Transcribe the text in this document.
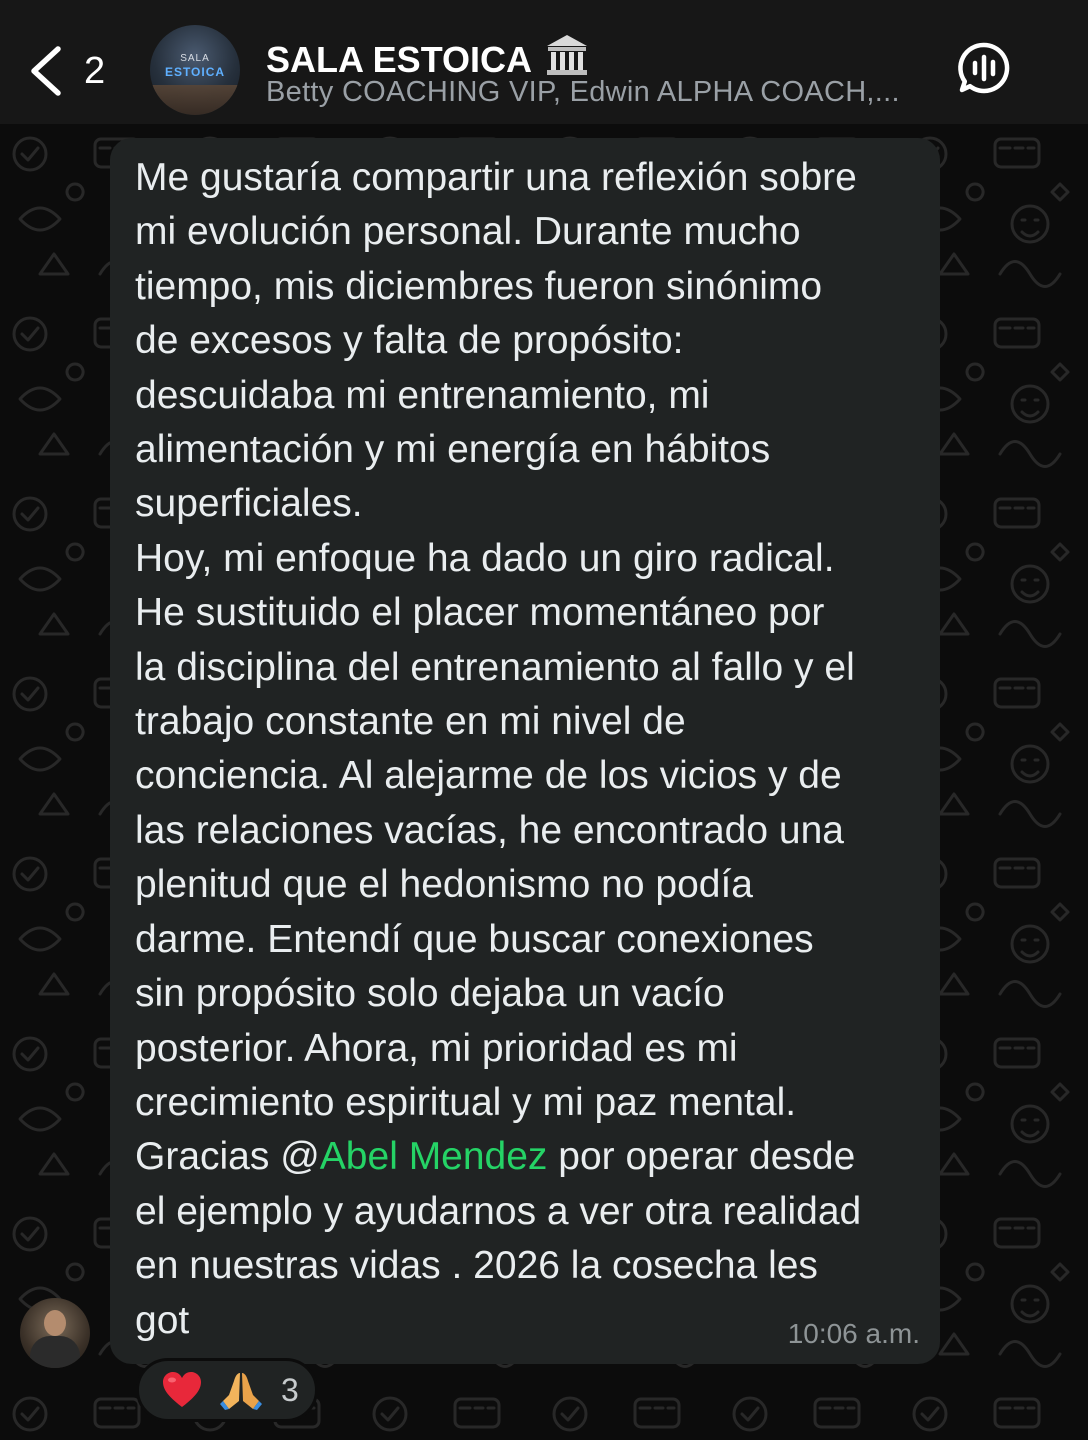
2	SALA
ESTOICA	SALA ESTOICA
Betty COACHING VIP, Edwin ALPHA COACH,...
Me gustaría compartir una reflexión sobre
mi evolución personal. Durante mucho
tiempo, mis diciembres fueron sinónimo
de excesos y falta de propósito:
descuidaba mi entrenamiento, mi
alimentación y mi energía en hábitos
superficiales.
Hoy, mi enfoque ha dado un giro radical.
He sustituido el placer momentáneo por
la disciplina del entrenamiento al fallo y el
trabajo constante en mi nivel de
conciencia. Al alejarme de los vicios y de
las relaciones vacías, he encontrado una
plenitud que el hedonismo no podía
darme. Entendí que buscar conexiones
sin propósito solo dejaba un vacío
posterior. Ahora, mi prioridad es mi
crecimiento espiritual y mi paz mental.
Gracias @Abel Mendez por operar desde
el ejemplo y ayudarnos a ver otra realidad
en nuestras vidas . 2026 la cosecha les
got	10:06 a.m.
3
